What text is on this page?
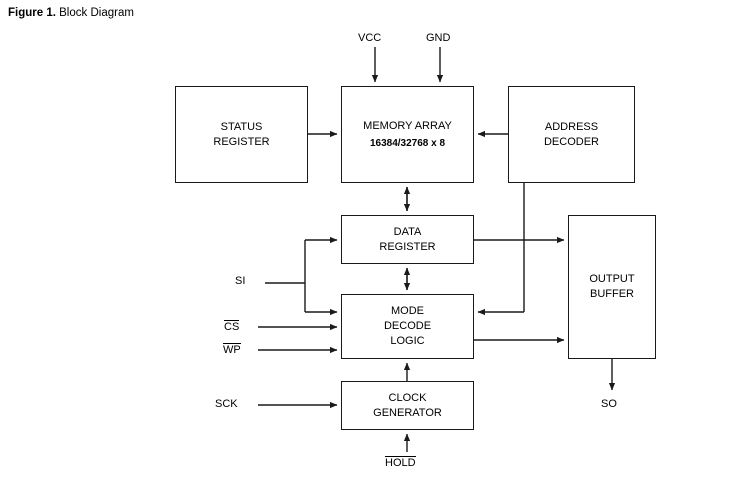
Figure 1. Block Diagram
STATUS
REGISTER
MEMORY ARRAY
16384/32768 x 8
ADDRESS
DECODER
DATA
REGISTER
MODE
DECODE
LOGIC
CLOCK
GENERATOR
OUTPUT
BUFFER
VCC	GND
SI
CS
WP
SCK
HOLD
SO
